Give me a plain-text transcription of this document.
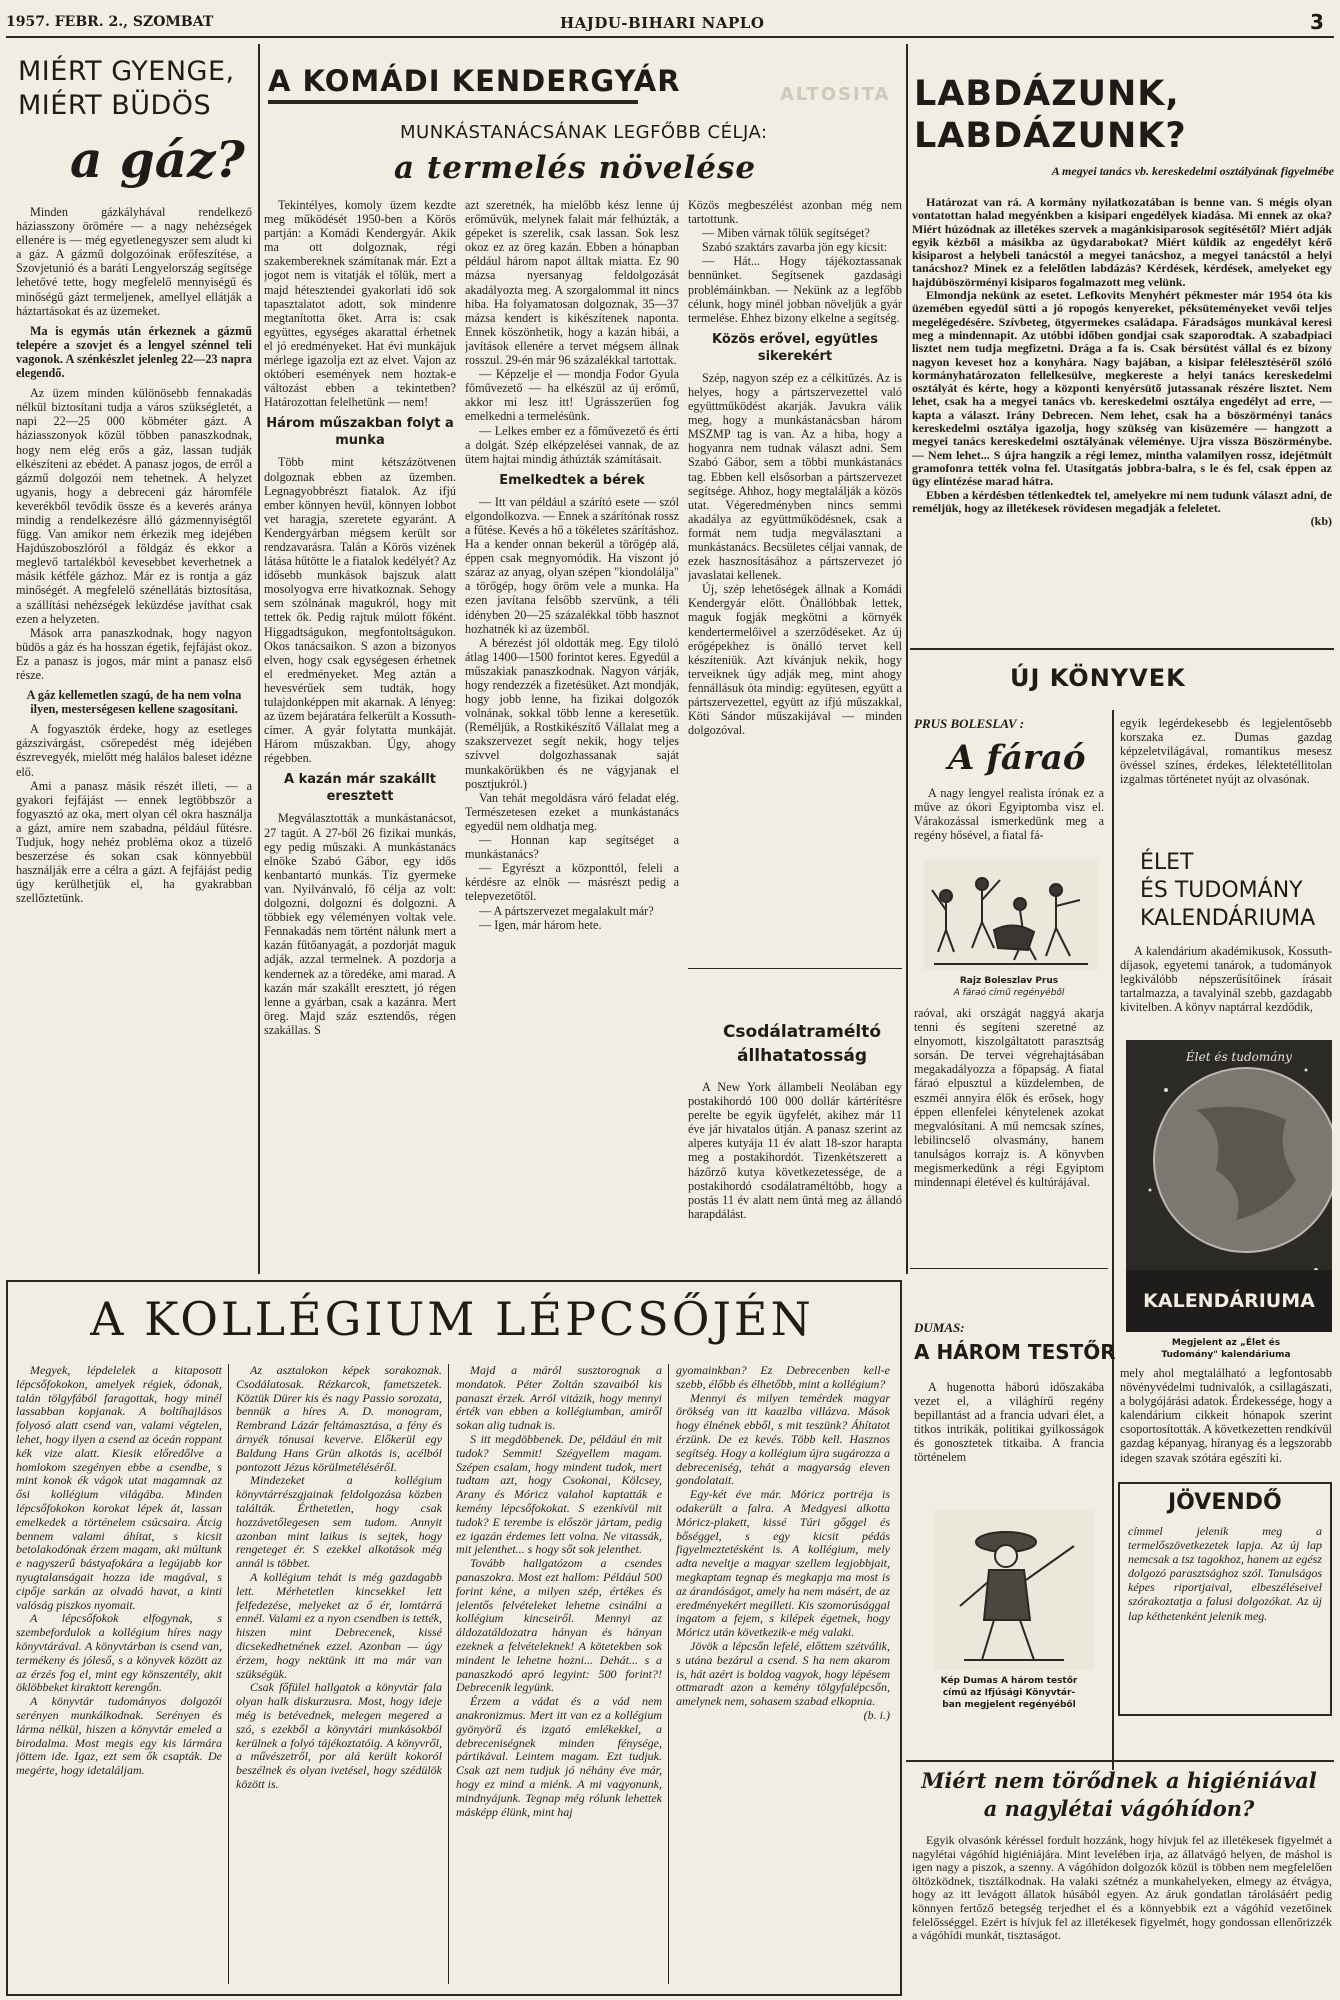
1957. FEBR. 2., SZOMBAT	HAJDU-BIHARI NAPLO	3
MIÉRT GYENGE,
MIÉRT BÜDÖS
a gáz?

Minden gázkályhával rendelkező háziasszony örömére — a nagy nehézségek ellenére is — még egyetlenegyszer sem aludt ki a gáz. A gázmű dolgozóinak erőfeszítése, a Szovjetunió és a baráti Lengyelország segítsége lehetővé tette, hogy megfelelő mennyiségű és minőségű gázt termeljenek, amellyel ellátják a háztartásokat és az üzemeket.

Ma is egymás után érkeznek a gázmű telepére a szovjet és a lengyel szénnel teli vagonok. A szénkészlet jelenleg 22—23 napra elegendő.

Az üzem minden különösebb fennakadás nélkül biztosítani tudja a város szükségletét, a napi 22—25 000 köbméter gázt. A háziasszonyok közül többen panaszkodnak, hogy nem elég erős a gáz, lassan tudják elkészíteni az ebédet. A panasz jogos, de erről a gázmű dolgozói nem tehetnek. A helyzet ugyanis, hogy a debreceni gáz háromféle keverékből tevődik össze és a keverés aránya mindig a rendelkezésre álló gázmennyiségtől függ. Van amikor nem érkezik meg idejében Hajdúszoboszlóról a földgáz és ekkor a meglevő tartalékból kevesebbet keverhetnek a másik kétféle gázhoz. Már ez is rontja a gáz minőségét. A megfelelő szénellátás biztosítása, a szállítási nehézségek leküzdése javíthat csak ezen a helyzeten.

Mások arra panaszkodnak, hogy nagyon büdös a gáz és ha hosszan égetik, fejfájást okoz. Ez a panasz is jogos, már mint a panasz első része.

A gáz kellemetlen szagú, de ha nem volna ilyen, mesterségesen kellene szagosítani.

A fogyasztók érdeke, hogy az esetleges gázszivárgást, csőrepedést még idejében észrevegyék, mielőtt még halálos baleset idézne elő.

Ami a panasz másik részét illeti, — a gyakori fejfájást — ennek legtöbbször a fogyasztó az oka, mert olyan cél okra használja a gázt, amire nem szabadna, például fűtésre. Tudjuk, hogy nehéz probléma okoz a tüzelő beszerzése és sokan csak könnyebbül használják erre a célra a gázt. A fejfájást pedig úgy kerülhetjük el, ha gyakrabban szellőztetünk.

A KOMÁDI KENDERGYÁR
MUNKÁSTANÁCSÁNAK LEGFŐBB CÉLJA:
a termelés növelése

Tekintélyes, komoly üzem kezdte meg működését 1950-ben a Körös partján: a Komádi Kendergyár. Akik ma ott dolgoznak, régi szakembereknek számítanak már. Ezt a jogot nem is vitatják el tőlük, mert a majd hétesztendei gyakorlati idő sok tapasztalatot adott, sok mindenre megtanította őket. Arra is: csak együttes, egységes akarattal érhetnek el jó eredményeket. Hat évi munkájuk mérlege igazolja ezt az elvet. Vajon az októberi események nem hoztak-e változást ebben a tekintetben? Határozottan felelhetünk — nem!

Három műszakban folyt a munka

Több mint kétszázötvenen dolgoznak ebben az üzemben. Legnagyobbrészt fiatalok. Az ifjú ember könnyen hevül, könnyen lobbot vet haragja, szeretete egyaránt. A Kendergyárban mégsem került sor rendzavarásra. Talán a Körös vizének látása hűtötte le a fiatalok kedélyét? Az idősebb munkások bajszuk alatt mosolyogva erre hivatkoznak. Sehogy sem szólnának magukról, hogy mit tettek ők. Pedig rajtuk múlott főként. Higgadtságukon, megfontoltságukon. Okos tanácsaikon. S azon a bizonyos elven, hogy csak egységesen érhetnek el eredményeket. Meg aztán a hevesvérűek sem tudták, hogy tulajdonképpen mit akarnak. A lényeg: az üzem bejáratára felkerült a Kossuth-címer. A gyár folytatta munkáját. Három műszakban. Úgy, ahogy régebben.

A kazán már szakállt eresztett

Megválasztották a munkástanácsot, 27 tagút. A 27-ből 26 fizikai munkás, egy pedig műszaki. A munkástanács elnöke Szabó Gábor, egy idős kenbantartó munkás. Tíz gyermeke van. Nyilvánvaló, fő célja az volt: dolgozni, dolgozni és dolgozni. A többiek egy véleményen voltak vele. Fennakadás nem történt nálunk mert a kazán fűtőanyagát, a pozdorját maguk adják, azzal termelnek. A pozdorja a kendernek az a töredéke, ami marad. A kazán már szakállt eresztett, jó régen lenne a gyárban, csak a kazánra. Mert öreg. Majd száz esztendős, régen szakállas. S

azt szeretnék, ha mielőbb kész lenne új erőművük, melynek falait már felhúzták, a gépeket is szerelik, csak lassan. Sok lesz okoz ez az öreg kazán. Ebben a hónapban például három napot álltak miatta. Ez 90 mázsa nyersanyag feldolgozását akadályozta meg. A szorgalommal itt nincs hiba. Ha folyamatosan dolgoznak, 35—37 mázsa kendert is kikészítenek naponta. Ennek köszönhetik, hogy a kazán hibái, a javítások ellenére a tervet mégsem állnak rosszul. 29-én már 96 százalékkal tartottak.

— Képzelje el — mondja Fodor Gyula főművezető — ha elkészül az új erőmű, akkor mi lesz itt! Ugrásszerűen fog emelkedni a termelésünk.

— Lelkes ember ez a főművezető és érti a dolgát. Szép elképzelései vannak, de az ütem hajtai mindig áthúzták számításait.

Emelkedtek a bérek

— Itt van például a szárító esete — szól elgondolkozva. — Ennek a szárítónak rossz a fűtése. Kevés a hő a tökéletes szárításhoz. Ha a kender onnan bekerül a törőgép alá, éppen csak megnyomódik. Ha viszont jó száraz az anyag, olyan szépen "kiondolálja" a törőgép, hogy öröm vele a munka. Ha ezen javítana felsőbb szervünk, a téli idényben 20—25 százalékkal több hasznot hozhatnék ki az üzemből.

A bérezést jól oldották meg. Egy tiloló átlag 1400—1500 forintot keres. Egyedül a műszakiak panaszkodnak. Nagyon várják, hogy rendezzék a fizetésüket. Azt mondják, hogy jobb lenne, ha fizikai dolgozók volnának, sokkal több lenne a keresetük. (Reméljük, a Rostkikészítő Vállalat meg a szakszervezet segít nekik, hogy teljes szívvel dolgozhassanak saját munkakörükben és ne vágyjanak el posztjukról.)

Van tehát megoldásra váró feladat elég. Természetesen ezeket a munkástanács egyedül nem oldhatja meg.

— Honnan kap segítséget a munkástanács?

— Egyrészt a központtól, feleli a kérdésre az elnök — másrészt pedig a telepvezetőtől.

— A pártszervezet megalakult már?

— Igen, már három hete.

ALTOSITA

Közös megbeszélést azonban még nem tartottunk.

— Miben várnak tőlük segítséget?

Szabó szaktárs zavarba jön egy kicsit:

— Hát... Hogy tájékoztassanak bennünket. Segítsenek gazdasági problémáinkban. — Nekünk az a legfőbb célunk, hogy minél jobban növeljük a gyár termelése. Ehhez bizony elkelne a segítség.

Közös erővel, együtles sikerekért

Szép, nagyon szép ez a célkitűzés. Az is helyes, hogy a pártszervezettel való együttműködést akarják. Javukra válik meg, hogy a munkástanácsban három MSZMP tag is van. Az a hiba, hogy a hogyanra nem tudnak választ adni. Sem Szabó Gábor, sem a többi munkástanács tag. Ebben kell elsősorban a pártszervezet segítsége. Ahhoz, hogy megtalálják a közös utat. Végeredményben nincs semmi akadálya az együttműködésnek, csak a formát nem tudja megválasztani a munkástanács. Becsületes céljai vannak, de ezek hasznosításához a pártszervezet jó javaslatai kellenek.

Új, szép lehetőségek állnak a Komádi Kendergyár előtt. Önállóbbak lettek, maguk fogják megkötni a környék kendertermelőivel a szerződéseket. Az új erőgépekhez is önálló tervet kell készíteniük. Azt kívánjuk nekik, hogy terveiknek úgy adják meg, mint ahogy fennállásuk óta mindig: együtesen, együtt a pártszervezettel, együtt az ifjú műszakkal, Köti Sándor műszakijával — minden dolgozóval.

Csodálatraméltó
állhatatosság

A New York állambeli Neolában egy postakihordó 100 000 dollár kártérítésre perelte be egyik ügyfelét, akihez már 11 éve jár hivatalos útján. A panasz szerint az alperes kutyája 11 év alatt 18-szor harapta meg a postakihordót. Tizenkétszerett a házőrző kutya következetessége, de a postakihordó csodálatraméltóbb, hogy a postás 11 év alatt nem üntá meg az állandó harapdálást.

LABDÁZUNK,
LABDÁZUNK?
A megyei tanács vb. kereskedelmi osztályának figyelmébe

Határozat van rá. A kormány nyilatkozatában is benne van. S mégis olyan vontatottan halad megyénkben a kisipari engedélyek kiadása. Mi ennek az oka? Miért húzódnak az illetékes szervek a magánkisiparosok segítésétől? Miért adják egyik kézből a másikba az ügydarabokat? Miért küldik az engedélyt kérő kisiparost a helybeli tanácstól a megyei tanácshoz, a megyei tanácstól a helyi tanácshoz? Minek ez a felelőtlen labdázás? Kérdések, kérdések, amelyeket egy hajdúböszörményi kisiparos fogalmazott meg velünk.

Elmondja nekünk az esetet. Lefkovits Menyhért pékmester már 1954 óta kis üzemében egyedül sütti a jó ropogós kenyereket, péksüteményeket vevői teljes megelégedésére. Szívbeteg, ötgyermekes családapa. Fáradságos munkával keresi meg a mindennapit. Az utóbbi időben gondjai csak szaporodtak. A szabadpiaci lisztet nem tudja megfizetni. Drága a fa is. Csak bérsütést vállal és ez bizony nagyon keveset hoz a konyhára. Nagy bajában, a kisipar felélesztéséről szóló kormányhatározaton fellelkesülve, megkereste a helyi tanács kereskedelmi osztályát és kérte, hogy a központi kenyérsütő jutassanak részére lisztet. Nem lehet, csak ha a megyei tanács vb. kereskedelmi osztálya engedélyt ad erre, — kapta a választ. Irány Debrecen. Nem lehet, csak ha a böszörményi tanács kereskedelmi osztálya igazolja, hogy szükség van kisüzemére — hangzott a megyei tanács kereskedelmi osztályának véleménye. Ujra vissza Böszörménybe. — Nem lehet... S újra hangzik a régi lemez, mintha valamilyen rossz, idejétmúlt gramofonra tették volna fel. Utasítgatás jobbra-balra, s le és fel, csak éppen az ügy elintézése marad hátra.

Ebben a kérdésben tétlenkedtek tel, amelyekre mi nem tudunk választ adni, de reméljük, hogy az illetékesek rövidesen megadják a feleletet.

(kb)
ÚJ KÖNYVEK
PRUS BOLESLAV :
A fáraó

A nagy lengyel realista írónak ez a műve az ókori Egyiptomba visz el. Várakozással ismerkedünk meg a regény hősével, a fiatal fá-

Rajz Boleszlav Prus
A fáraó című regényéből

raóval, aki országát naggyá akarja tenni és segíteni szeretné az elnyomott, kiszolgáltatott parasztság sorsán. De tervei végrehajtásában megakadályozza a főpapság. A fiatal fáraó elpusztul a küzdelemben, de eszméi annyira élők és erősek, hogy éppen ellenfelei kénytelenek azokat megvalósítani. A mű nemcsak színes, lebilincselő olvasmány, hanem tanulságos korrajz is. A könyvben megismerkedünk a régi Egyiptom mindennapi életével és kultúrájával.

egyik legérdekesebb és legjelentősebb korszaka ez. Dumas gazdag képzeletvilágával, romantikus mesesz övéssel színes, érdekes, lélektetéllitolan izgalmas történetet nyújt az olvasónak.

ÉLET
ÉS TUDOMÁNY
KALENDÁRIUMA

A kalendárium akadémikusok, Kossuth-díjasok, egyetemi tanárok, a tudományok legkiválóbb népszerűsítőinek írásait tartalmazza, a tavalyinál szebb, gazdagabb kivitelben. A könyv naptárral kezdődik,

Élet és tudomány
KALENDÁRIUMA
Megjelent az „Élet és
Tudomány" kalendáriuma

mely ahol megtalálható a legfontosabb növényvédelmi tudnivalók, a csillagászati, a bolygójárási adatok. Érdekessége, hogy a kalendárium cikkeit hónapok szerint csoportosították. A következetten rendkívül gazdag képanyag, híranyag és a legszorabb idegen szavak szótára egészíti ki.

DUMAS:
A HÁROM TESTŐR

A hugenotta háború időszakába vezet el, a világhírű regény bepillantást ad a francia udvari élet, a titkos intrikák, politikai gyilkosságok és gonosztetek titkaiba. A francia történelem

Kép Dumas A három testőr
című az Ifjúsági Könyvtár-
ban megjelent regényéből
JÖVENDŐ

címmel jelenik meg a termelőszövetkezetek lapja. Az új lap nemcsak a tsz tagokhoz, hanem az egész dolgozó parasztsághoz szól. Tanulságos képes riportjaival, elbeszéléseivel szórakoztatja a falusi dolgozókat. Az új lap kéthetenként jelenik meg.

Miért nem törődnek a higiéniával
a nagylétai vágóhídon?

Egyik olvasónk kéréssel fordult hozzánk, hogy hívjuk fel az illetékesek figyelmét a nagylétai vágóhíd higiéniájára. Mint levelében írja, az állatvágó helyen, de máshol is igen nagy a piszok, a szenny. A vágóhídon dolgozók közül is többen nem megfelelően öltözködnek, tisztálkodnak. Ha valaki szétnéz a munkahelyeken, elmegy az étvágya, hogy az itt levágott állatok húsából egyen. Az áruk gondatlan tárolásáért pedig könnyen fertőző betegség terjedhet el és a könnyebbik ezt a vágóhíd vezetőinek felelősséggel. Ezért is hívjuk fel az illetékesek figyelmét, hogy gondossan ellenőrizzék a vágóhídi munkát, tisztaságot.

A KOLLÉGIUM LÉPCSŐJÉN

Megyek, lépdelelek a kitaposott lépcsőfokokon, amelyek régiek, ódonak, talán tölgyfából faragottak, hogy minél lassabban kopjanak. A boltíhajlásos folyosó alatt csend van, valami végtelen, lehet, hogy ilyen a csend az óceán roppant kék vize alatt. Kiesik előredőlve a homlokom szegényen ebbe a csendbe, s mint konok ék vágok utat magamnak az ősi kollégium világába. Minden lépcsőfokokon korokat lépek át, lassan emelkedek a történelem csúcsaira. Átcig bennem valami áhítat, s kicsit betolakodónak érzem magam, aki múltunk e nagyszerű bástyafokára a legújabb kor nyugtalanságait hozza ide magával, s cipője sarkán az olvadó havat, a kinti valóság piszkos nyomait.

A lépcsőfokok elfogynak, s szembefordulok a kollégium híres nagy könyvtárával. A könyvtárban is csend van, termékeny és jóleső, s a könyvek között az az érzés fog el, mint egy könszentély, akit öklöbbeket kiraktott kerengőn.

A könyvtár tudományos dolgozói serényen munkálkodnak. Serényen és lárma nélkül, hiszen a könyvtár emeled a birodalma. Most megis egy kis lármára jöttem ide. Igaz, ezt sem ők csapták. De megérte, hogy idetaláljam.

Az asztalokon képek sorakoznak. Csodálatosak. Rézkarcok, fametszetek. Köztük Dürer kis és nagy Passio sorozata, bennük a híres A. D. monogram, Rembrand Lázár feltámasztása, a fény és árnyék tónusai keverve. Előkerül egy Baldung Hans Grün alkotás is, acélból pontozott Jézus körülmetélésérőI.

Mindezeket a kollégium könyvtárrészgjainak feldolgozása közben találták. Érthetetlen, hogy csak hozzávetőlegesen sem tudom. Annyit azonban mint laikus is sejtek, hogy rengeteget ér. S ezekkel alkotások még annál is többet.

A kollégium tehát is még gazdagabb lett. Mérhetetlen kincsekkel lett felfedezése, melyeket az ő ér, lomtárrá ennél. Valami ez a nyon csendben is tették, hiszen mint Debrecenek, kissé dicsekedhetnének ezzel. Azonban — úgy érzem, hogy nektünk itt ma már van szükségük.

Csak főfülel hallgatok a könyvtár fala olyan halk diskurzusra. Most, hogy ideje még is betévednek, melegen megered a szó, s ezekből a könyvtári munkásokból kerülnek a folyó tájékoztatóig. A könyvről, a művészetről, por alá került kokoról beszélnek és olyan ivetésel, hogy szédülök között is.

Majd a máról susztorognak a mondatok. Péter Zoltán szavaiból kis panaszt érzek. Arról vitázik, hogy mennyi érték van ebben a kollégiumban, amiről sokan alig tudnak is.

S itt megdöbbenek. De, például én mit tudok? Semmit! Szégyellem magam. Szépen csalam, hogy mindent tudok, mert tudtam azt, hogy Csokonai, Kölcsey, Arany és Móricz valahol kaptatták e kemény lépcsőfokokat. S ezenkívül mit tudok? E terembe is először jártam, pedig ez igazán érdemes lett volna. Ne vitassák, mit jelenthet... s hogy sőt sok jelenthet.

Tovább hallgatózom a csendes panaszokra. Most ezt hallom: Például 500 forint kéne, a milyen szép, értékes és jelentős felvételeket lehetne csinálni a kollégium kincseiről. Mennyi az áldozatáldozatra hányan és hányan ezeknek a felvételeknek! A kötetekben sok mindent le lehetne hozni... Dehát... s a panaszkodó apró legyint: 500 forint?! Debrecenik legyünk.

Érzem a vádat és a vád nem anakronizmus. Mert itt van ez a kollégium gyönyörű és izgató emlékekkel, a debreceniségnek minden fénysége, pártikával. Leintem magam. Ezt tudjuk. Csak azt nem tudjuk jó néhány éve már, hogy ez mind a miénk. A mi vagyonunk, mindnyájunk. Tegnap még rólunk lehettek másképp élünk, mint haj

gyomainkban? Ez Debrecenben kell-e szebb, élőbb és élhetőbb, mint a kollégium?

Mennyi és milyen temérdek magyar örökség van itt kaazlba villázva. Mások hogy élnének ebből, s mit teszünk? Áhítatot érzünk. De ez kevés. Több kell. Hasznos segítség. Hogy a kollégium újra sugározza a debreceniség, tehát a magyarság eleven gondolatait.

Egy-két éve már. Móricz portréja is odakerült a falra. A Medgyesi alkotta Móricz-plakett, kissé Túri gőggel és bőséggel, s egy kicsit pédás figyelmeztetésként is. A kollégium, mely adta neveltje a magyar szellem legjobbjait, megkaptam tegnap és megkapja ma most is az árandóságot, amely ha nem másért, de az eredményekért megilleti. Kis szomorúsággal ingatom a fejem, s kilépek égetnek, hogy Móricz után következik-e még valaki.

Jövök a lépcsőn lefelé, előttem szétválik, s utána bezárul a csend. S ha nem akarom is, hát azért is boldog vagyok, hogy lépésem ottmaradt azon a kemény tölgyfalépcsőn, amelynek nem, sohasem szabad elkopnia.

(b. i.)
